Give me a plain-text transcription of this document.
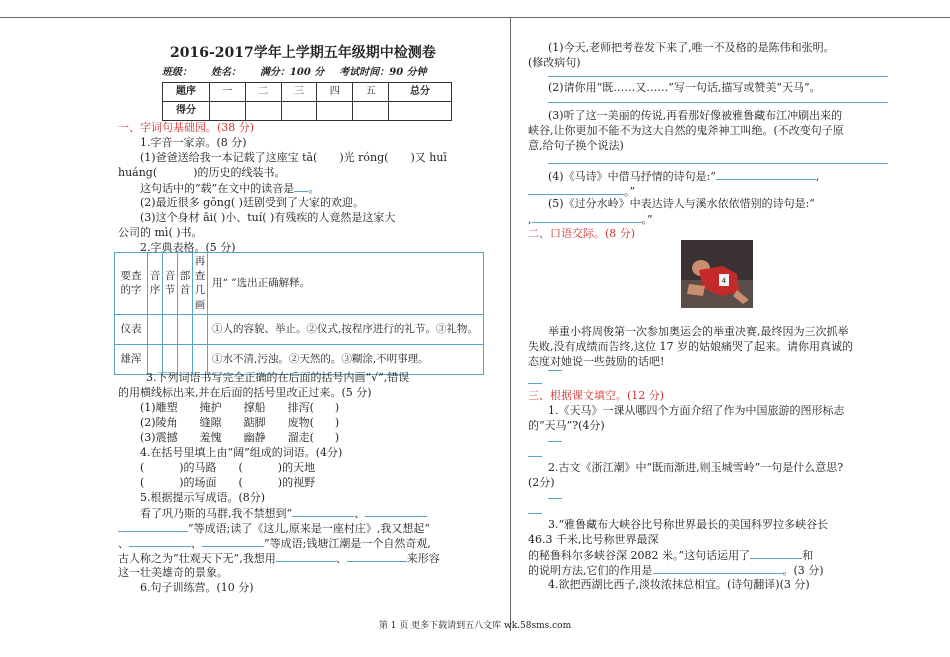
2016-2017学年上学期五年级期中检测卷
班级： 姓名： 满分：100 分 考试时间：90 分钟
题序	一	二	三	四	五	总分
得分						
一、字词句基础园。(38 分)
1.字音一家亲。(8 分)
(1)爸爸送给我一本记载了这座宝 tā( )光 róng( )又 huī
huáng(	)的历史的线装书。
这句话中的“载”在文中的读音是 。
(2)最近很多 gōng( )廷剧受到了大家的欢迎。
(3)这个身材 ǎi( )小、tuí( )有残疾的人竟然是这家大
公司的 mì( )书。
2.字典表格。(5 分)
要查的字	音序	音节	部首	再查几画	用“ ”选出正确解释。
仪表					①人的容貌、举止。②仪式,按程序进行的礼节。③礼物。
雄浑					①水不清,污浊。②天然的。③糊涂,不明事理。
3.下列词语书写完全正确的在后面的括号内画“√”,错误
的用横线标出来,并在后面的括号里改正过来。(5 分)
(1)雕塑　　掩护　　撑船　　排泻(      )
(2)陵角　　缝隙　　踮脚　　废物(      )
(3)震撼　　羞愧　　幽静　　溜走(      )
4.在括号里填上由“阔”组成的词语。(4分)
(          )的马路　　(          )的天地
(          )的场面　　(          )的视野
5.根据提示写成语。(8分)
看了巩乃斯的马群,我不禁想到“	、
”等成语;读了《这儿,原来是一座村庄》,我又想起“
、	、	”等成语;钱塘江潮是一个自然奇观,
古人称之为“壮观天下无”,我想用	、	来形容
这一壮美雄奇的景象。
6.句子训练营。(10 分)
(1)今天,老师把考卷发下来了,唯一不及格的是陈伟和张明。
(修改病句)
(2)请你用“既……又……”写一句话,描写或赞美“天马”。
(3)听了这一美丽的传说,再看那好像被雅鲁藏布江冲刷出来的
峡谷,让你更加不能不为这大自然的鬼斧神工叫绝。(不改变句子原
意,给句子换个说法)
(4)《马诗》中借马抒情的诗句是:“	,
。”
(5)《过分水岭》中表达诗人与溪水依依惜别的诗句是:“
,	。”
二、口语交际。(8 分)
4
举重小将周俊第一次参加奥运会的举重决赛,最终因为三次抓举
失败,没有成绩而告终,这位 17 岁的姑娘痛哭了起来。请你用真诚的
态度对她说一些鼓励的话吧!
三、根据课文填空。(12 分)
1.《天马》一课从哪四个方面介绍了作为中国旅游的图形标志
的“天马”?(4分)
2.古文《浙江潮》中“既而渐进,则玉城雪岭”一句是什么意思?
(2分)
3.“雅鲁藏布大峡谷比号称世界最长的美国科罗拉多峡谷长
46.3 千米,比号称世界最深
的秘鲁科尔多峡谷深 2082 米。”这句话运用了	和
的说明方法,它们的作用是	。(3 分)
4.欲把西湖比西子,淡妆浓抹总相宜。(诗句翻译)(3 分)
第 1 页 更多下载请到五八文库 wk.58sms.com
